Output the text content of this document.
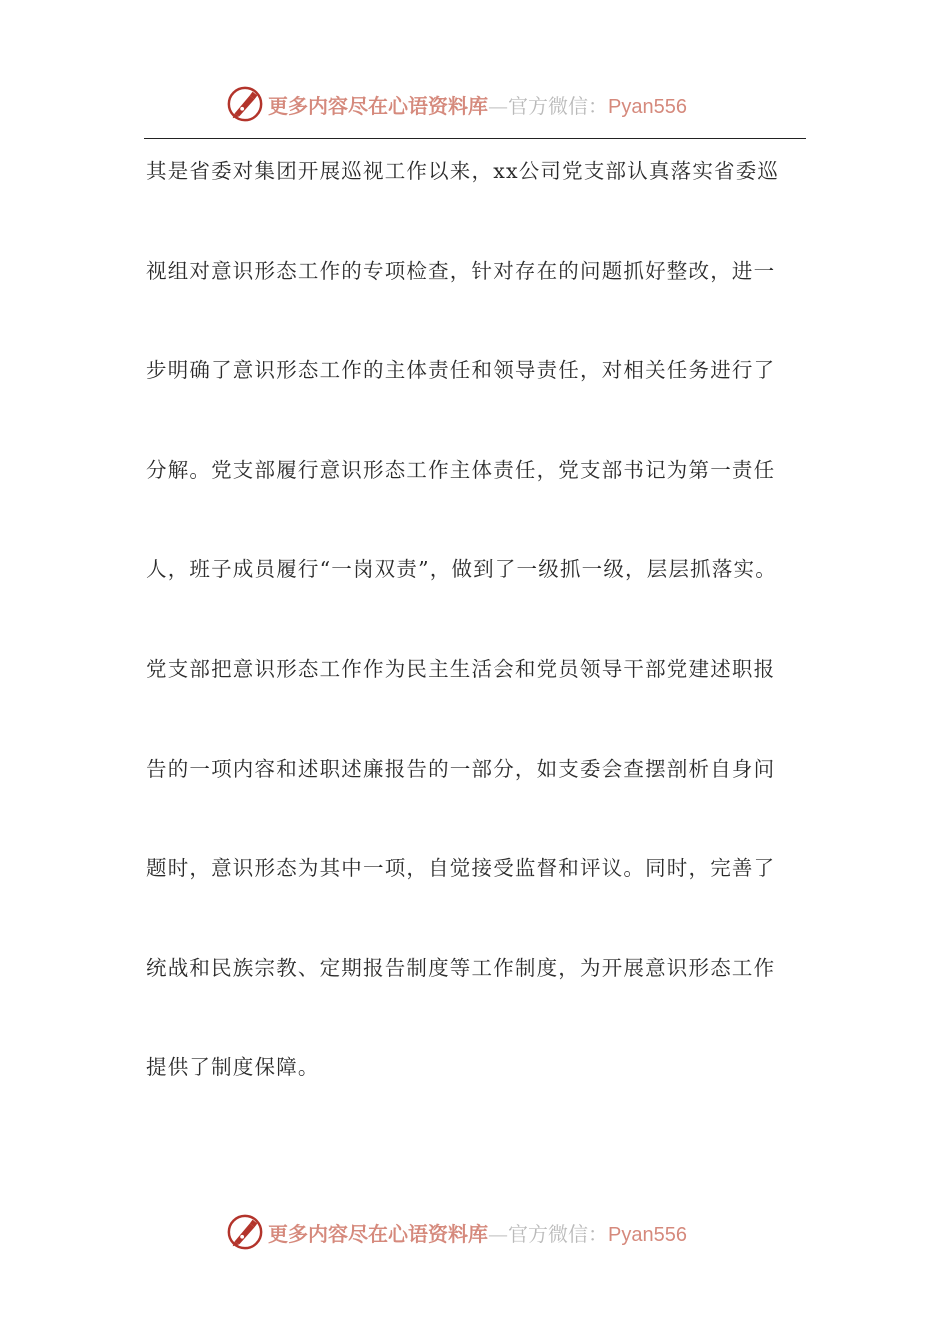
更多内容尽在心语资料库—官方微信：Pyan556
其是省委对集团开展巡视工作以来，xx公司党支部认真落实省委巡
视组对意识形态工作的专项检查，针对存在的问题抓好整改，进一
步明确了意识形态工作的主体责任和领导责任，对相关任务进行了
分解。党支部履行意识形态工作主体责任，党支部书记为第一责任
人，班子成员履行“一岗双责”，做到了一级抓一级，层层抓落实。
党支部把意识形态工作作为民主生活会和党员领导干部党建述职报
告的一项内容和述职述廉报告的一部分，如支委会查摆剖析自身问
题时，意识形态为其中一项，自觉接受监督和评议。同时，完善了
统战和民族宗教、定期报告制度等工作制度，为开展意识形态工作
提供了制度保障。
更多内容尽在心语资料库—官方微信：Pyan556
